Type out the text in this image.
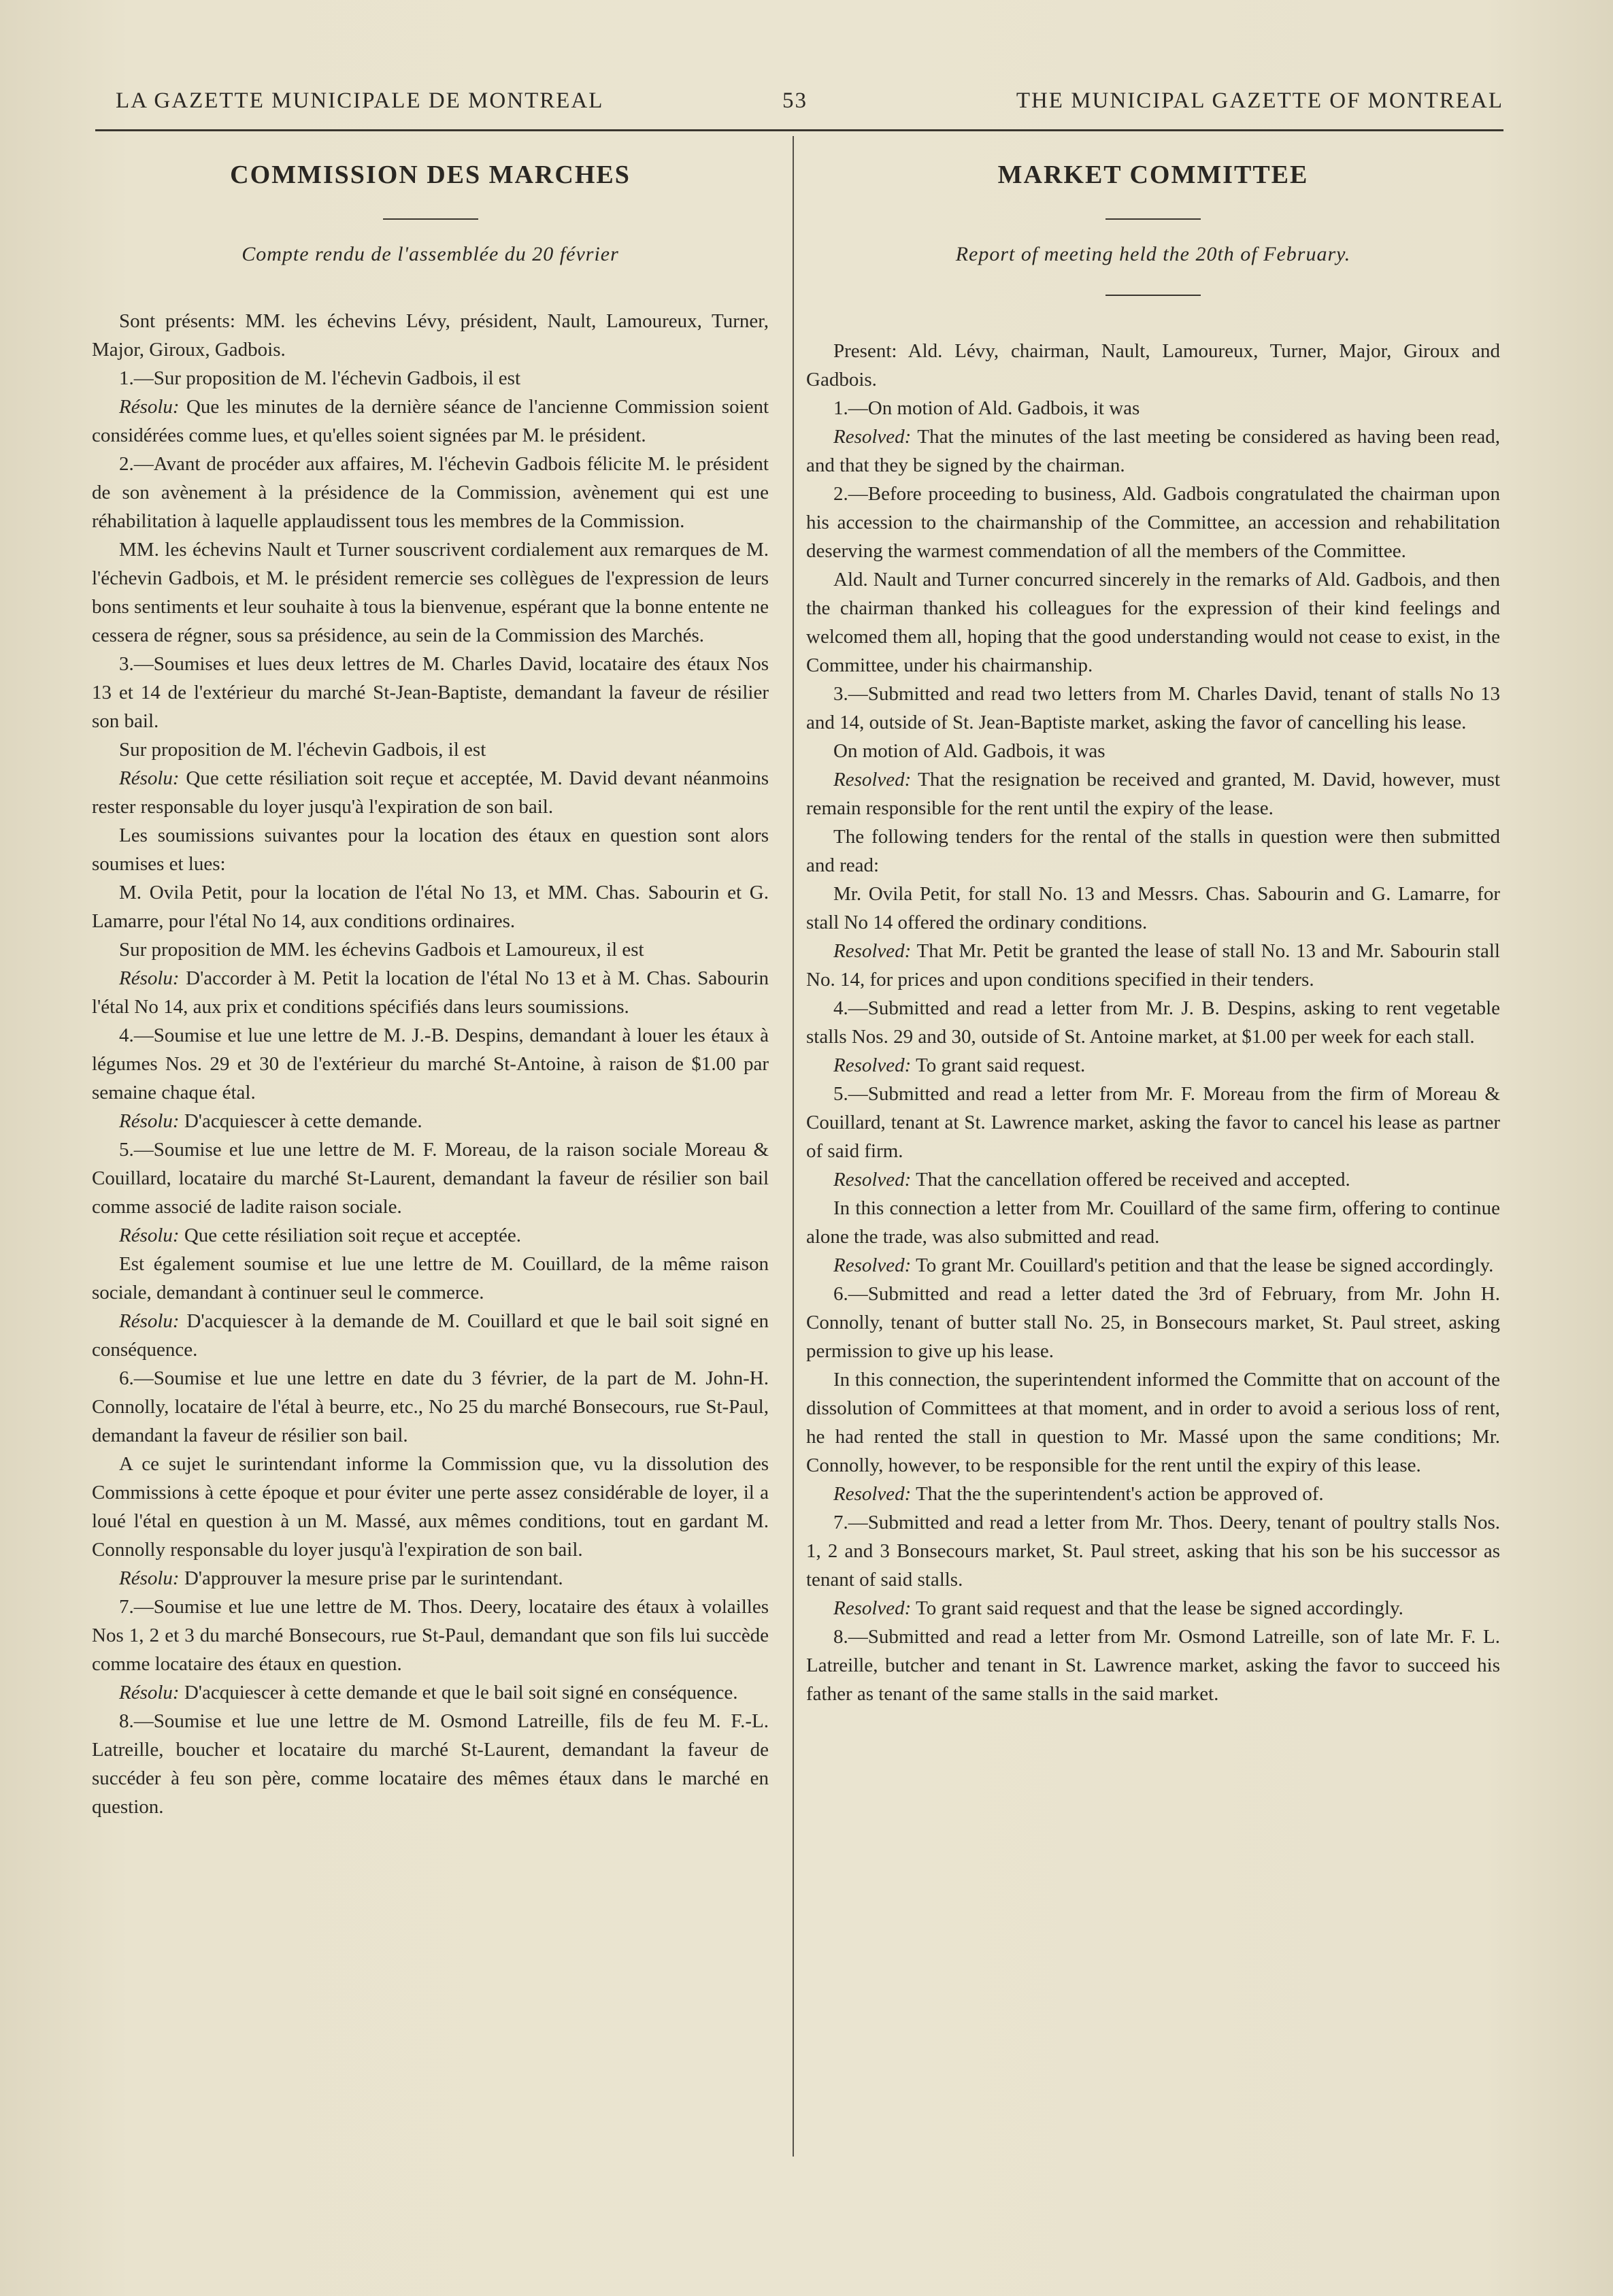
LA GAZETTE MUNICIPALE DE MONTREAL	53	THE MUNICIPAL GAZETTE OF MONTREAL
COMMISSION DES MARCHES
Compte rendu de l'assemblée du 20 février

Sont présents: MM. les échevins Lévy, président, Nault, Lamoureux, Turner, Major, Giroux, Gadbois.

1.—Sur proposition de M. l'échevin Gadbois, il est

Résolu: Que les minutes de la dernière séance de l'ancienne Commission soient considérées comme lues, et qu'elles soient signées par M. le président.

2.—Avant de procéder aux affaires, M. l'échevin Gadbois félicite M. le président de son avènement à la présidence de la Commission, avènement qui est une réhabilitation à laquelle applaudissent tous les membres de la Commission.

MM. les échevins Nault et Turner souscrivent cordialement aux remarques de M. l'échevin Gadbois, et M. le président remercie ses collègues de l'expression de leurs bons sentiments et leur souhaite à tous la bienvenue, espérant que la bonne entente ne cessera de régner, sous sa présidence, au sein de la Commission des Marchés.

3.—Soumises et lues deux lettres de M. Charles David, locataire des étaux Nos 13 et 14 de l'extérieur du marché St-Jean-Baptiste, demandant la faveur de résilier son bail.

Sur proposition de M. l'échevin Gadbois, il est

Résolu: Que cette résiliation soit reçue et acceptée, M. David devant néanmoins rester responsable du loyer jusqu'à l'expiration de son bail.

Les soumissions suivantes pour la location des étaux en question sont alors soumises et lues:

M. Ovila Petit, pour la location de l'étal No 13, et MM. Chas. Sabourin et G. Lamarre, pour l'étal No 14, aux conditions ordinaires.

Sur proposition de MM. les échevins Gadbois et Lamoureux, il est

Résolu: D'accorder à M. Petit la location de l'étal No 13 et à M. Chas. Sabourin l'étal No 14, aux prix et conditions spécifiés dans leurs soumissions.

4.—Soumise et lue une lettre de M. J.-B. Despins, demandant à louer les étaux à légumes Nos. 29 et 30 de l'extérieur du marché St-Antoine, à raison de $1.00 par semaine chaque étal.

Résolu: D'acquiescer à cette demande.

5.—Soumise et lue une lettre de M. F. Moreau, de la raison sociale Moreau & Couillard, locataire du marché St-Laurent, demandant la faveur de résilier son bail comme associé de ladite raison sociale.

Résolu: Que cette résiliation soit reçue et acceptée.

Est également soumise et lue une lettre de M. Couillard, de la même raison sociale, demandant à continuer seul le commerce.

Résolu: D'acquiescer à la demande de M. Couillard et que le bail soit signé en conséquence.

6.—Soumise et lue une lettre en date du 3 février, de la part de M. John-H. Connolly, locataire de l'étal à beurre, etc., No 25 du marché Bonsecours, rue St-Paul, demandant la faveur de résilier son bail.

A ce sujet le surintendant informe la Commission que, vu la dissolution des Commissions à cette époque et pour éviter une perte assez considérable de loyer, il a loué l'étal en question à un M. Massé, aux mêmes conditions, tout en gardant M. Connolly responsable du loyer jusqu'à l'expiration de son bail.

Résolu: D'approuver la mesure prise par le surintendant.

7.—Soumise et lue une lettre de M. Thos. Deery, locataire des étaux à volailles Nos 1, 2 et 3 du marché Bonsecours, rue St-Paul, demandant que son fils lui succède comme locataire des étaux en question.

Résolu: D'acquiescer à cette demande et que le bail soit signé en conséquence.

8.—Soumise et lue une lettre de M. Osmond Latreille, fils de feu M. F.-L. Latreille, boucher et locataire du marché St-Laurent, demandant la faveur de succéder à feu son père, comme locataire des mêmes étaux dans le marché en question.

MARKET COMMITTEE
Report of meeting held the 20th of February.

Present: Ald. Lévy, chairman, Nault, Lamoureux, Turner, Major, Giroux and Gadbois.

1.—On motion of Ald. Gadbois, it was

Resolved: That the minutes of the last meeting be considered as having been read, and that they be signed by the chairman.

2.—Before proceeding to business, Ald. Gadbois congratulated the chairman upon his accession to the chairmanship of the Committee, an accession and rehabilitation deserving the warmest commendation of all the members of the Committee.

Ald. Nault and Turner concurred sincerely in the remarks of Ald. Gadbois, and then the chairman thanked his colleagues for the expression of their kind feelings and welcomed them all, hoping that the good understanding would not cease to exist, in the Committee, under his chairmanship.

3.—Submitted and read two letters from M. Charles David, tenant of stalls No 13 and 14, outside of St. Jean-Baptiste market, asking the favor of cancelling his lease.

On motion of Ald. Gadbois, it was

Resolved: That the resignation be received and granted, M. David, however, must remain responsible for the rent until the expiry of the lease.

The following tenders for the rental of the stalls in question were then submitted and read:

Mr. Ovila Petit, for stall No. 13 and Messrs. Chas. Sabourin and G. Lamarre, for stall No 14 offered the ordinary conditions.

Resolved: That Mr. Petit be granted the lease of stall No. 13 and Mr. Sabourin stall No. 14, for prices and upon conditions specified in their tenders.

4.—Submitted and read a letter from Mr. J. B. Despins, asking to rent vegetable stalls Nos. 29 and 30, outside of St. Antoine market, at $1.00 per week for each stall.

Resolved: To grant said request.

5.—Submitted and read a letter from Mr. F. Moreau from the firm of Moreau & Couillard, tenant at St. Lawrence market, asking the favor to cancel his lease as partner of said firm.

Resolved: That the cancellation offered be received and accepted.

In this connection a letter from Mr. Couillard of the same firm, offering to continue alone the trade, was also submitted and read.

Resolved: To grant Mr. Couillard's petition and that the lease be signed accordingly.

6.—Submitted and read a letter dated the 3rd of February, from Mr. John H. Connolly, tenant of butter stall No. 25, in Bonsecours market, St. Paul street, asking permission to give up his lease.

In this connection, the superintendent informed the Committe that on account of the dissolution of Committees at that moment, and in order to avoid a serious loss of rent, he had rented the stall in question to Mr. Massé upon the same conditions; Mr. Connolly, however, to be responsible for the rent until the expiry of this lease.

Resolved: That the the superintendent's action be approved of.

7.—Submitted and read a letter from Mr. Thos. Deery, tenant of poultry stalls Nos. 1, 2 and 3 Bonsecours market, St. Paul street, asking that his son be his successor as tenant of said stalls.

Resolved: To grant said request and that the lease be signed accordingly.

8.—Submitted and read a letter from Mr. Osmond Latreille, son of late Mr. F. L. Latreille, butcher and tenant in St. Lawrence market, asking the favor to succeed his father as tenant of the same stalls in the said market.
